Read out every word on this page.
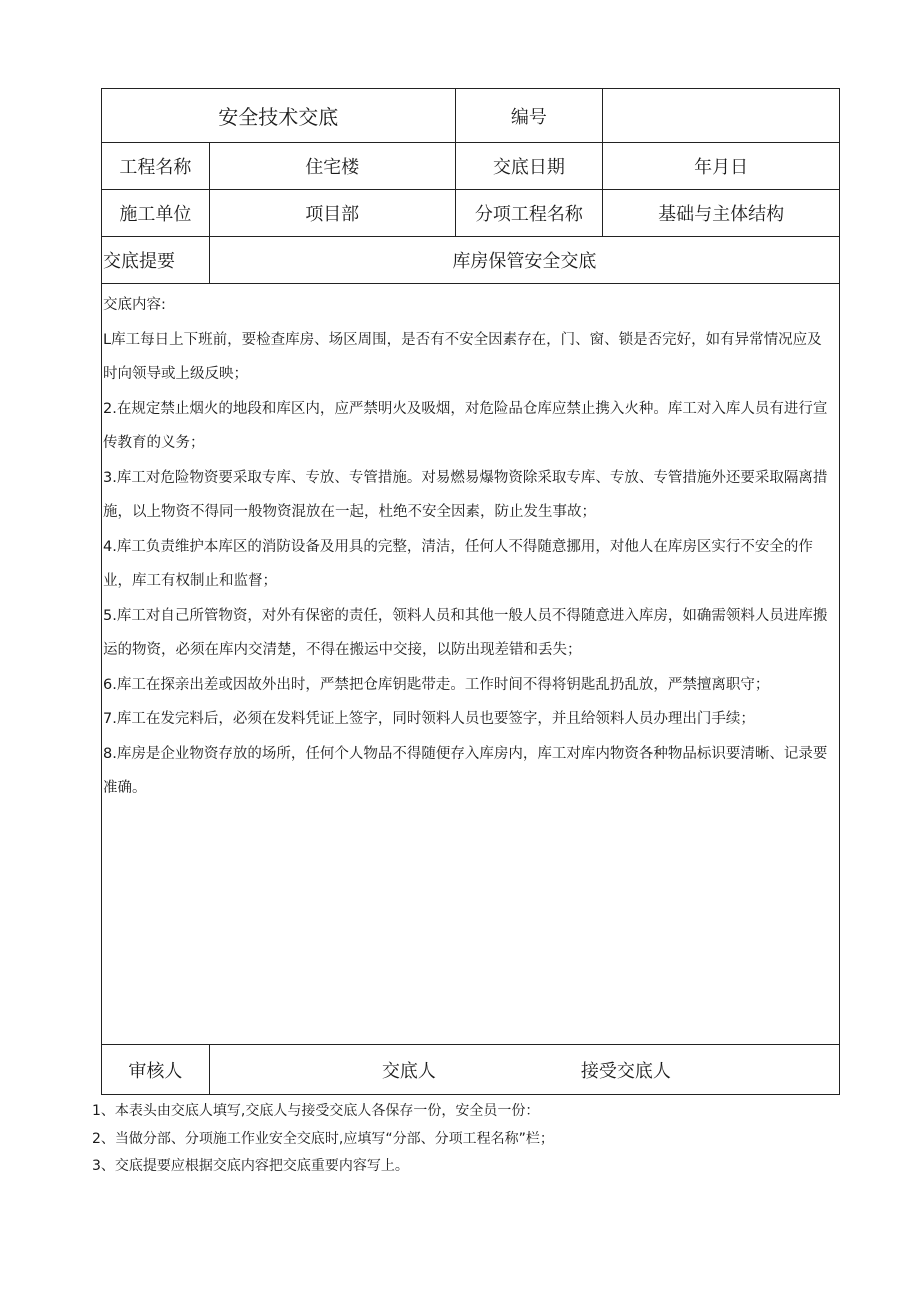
安全技术交底	编号
工程名称	住宅楼	交底日期	年月日
施工单位	项目部	分项工程名称	基础与主体结构
交底提要	库房保管安全交底

交底内容:

L库工每日上下班前，要检查库房、场区周围，是否有不安全因素存在，门、窗、锁是否完好，如有异常情况应及时向领导或上级反映；

2.在规定禁止烟火的地段和库区内，应严禁明火及吸烟，对危险品仓库应禁止携入火种。库工对入库人员有进行宣传教育的义务；

3.库工对危险物资要采取专库、专放、专管措施。对易燃易爆物资除采取专库、专放、专管措施外还要采取隔离措施，以上物资不得同一般物资混放在一起，杜绝不安全因素，防止发生事故；

4.库工负责维护本库区的消防设备及用具的完整，清洁，任何人不得随意挪用，对他人在库房区实行不安全的作业，库工有权制止和监督；

5.库工对自己所管物资，对外有保密的责任，领料人员和其他一般人员不得随意进入库房，如确需领料人员进库搬运的物资，必须在库内交清楚，不得在搬运中交接，以防出现差错和丢失；

6.库工在探亲出差或因故外出时，严禁把仓库钥匙带走。工作时间不得将钥匙乱扔乱放，严禁擅离职守；

7.库工在发完料后，必须在发料凭证上签字，同时领料人员也要签字，并且给领料人员办理出门手续；

8.库房是企业物资存放的场所，任何个人物品不得随便存入库房内，库工对库内物资各种物品标识要清晰、记录要准确。

审核人	交底人	接受交底人
1、本表头由交底人填写,交底人与接受交底人各保存一份，安全员一份：
2、当做分部、分项施工作业安全交底时,应填写“分部、分项工程名称”栏；
3、交底提要应根据交底内容把交底重要内容写上。
